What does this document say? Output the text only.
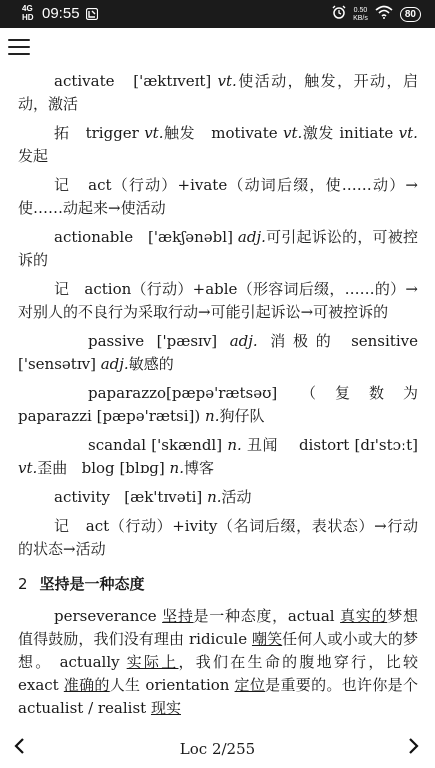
4G HD 09:55	0.50
KB/s	80

activate ['æktɪveɪt] vt.使活动，触发，开动，启动，激活

拓 trigger vt.触发 motivate vt.激发 initiate vt.发起

记 act（行动）+ivate（动词后缀，使……动）→使……动起来→使活动

actionable ['ækʃənəbl] adj.可引起诉讼的，可被控诉的

记 action（行动）+able（形容词后缀，……的）→对别人的不良行为采取行动→可能引起诉讼→可被控诉的

passive ['pæsɪv] adj. 消极的 sensitive ['sensətɪv] adj.敏感的

paparazzo[pæpə'rætsəʊ] （复数为 paparazzi [pæpə'rætsi]) n.狗仔队

scandal ['skændl] n. 丑闻 distort [dɪ'stɔːt] vt.歪曲 blog [blɒɡ] n.博客

activity [æk'tɪvəti] n.活动

记 act（行动）+ivity（名词后缀，表状态）→行动的状态→活动

2 坚持是一种态度

perseverance 坚持是一种态度，actual 真实的梦想值得鼓励，我们没有理由 ridicule 嘲笑任何人或小或大的梦想。 actually 实际上，我们在生命的腹地穿行，比较 exact 准确的人生 orientation 定位是重要的。也许你是个 actualist / realist 现实

Loc 2/255
